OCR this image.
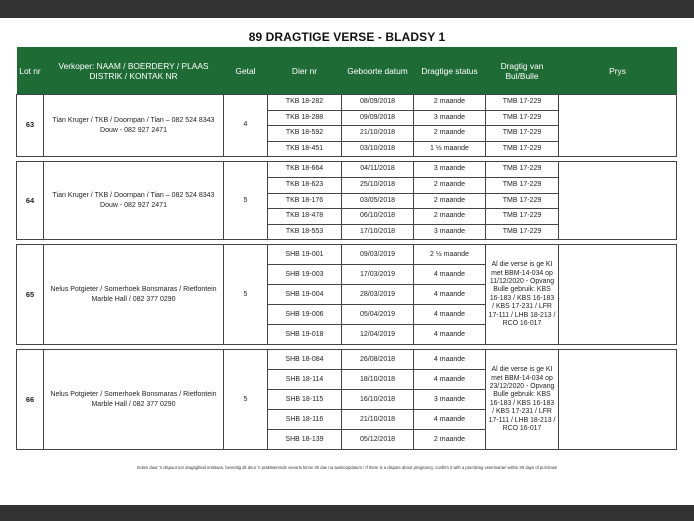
89 DRAGTIGE VERSE - BLADSY 1
Lot nr	Verkoper: NAAM / BOERDERY / PLAAS DISTRIK / KONTAK NR	Getal	Dier nr	Geboorte datum	Dragtige status	Dragtig van Bul/Bulle	Prys
63	Tian Kruger / TKB / Doornpan / Tian – 082 524 8343 Douw - 082 927 2471	4	TKB 18-282	08/09/2018	2 maande	TMB 17-229	
			TKB 18-288	09/09/2018	3 maande	TMB 17-229	
			TKB 18-592	21/10/2018	2 maande	TMB 17-229	
			TKB 18-451	03/10/2018	1 ½ maande	TMB 17-229	

64	Tian Kruger / TKB / Doornpan / Tian – 082 524 8343 Douw - 082 927 2471	5	TKB 18-664	04/11/2018	3 maande	TMB 17-229	
			TKB 18-623	25/10/2018	2 maande	TMB 17-229	
			TKB 18-176	03/05/2018	2 maande	TMB 17-229	
			TKB 18-478	06/10/2018	2 maande	TMB 17-229	
			TKB 18-553	17/10/2018	3 maande	TMB 17-229	

65	Nelus Potgieter / Somerhoek Bonsmaras / Rietfontein Marble Hall / 082 377 0290	5	SHB 19-001	09/03/2019	2 ½ maande	Al die verse is ge KI met BBM-14-034 op 11/12/2020 - Opvang Bulle gebruik: KBS 16-183 / KBS 16-183 / KBS 17-231 / LFR 17-111 / LHB 18-213 / RCO 16-017	
			SHB 19-003	17/03/2019	4 maande		
			SHB 19-004	28/03/2019	4 maande		
			SHB 19-006	05/04/2019	4 maande		
			SHB 19-018	12/04/2019	4 maande		

66	Nelus Potgieter / Somerhoek Bonsmaras / Rietfontein Marble Hall / 082 377 0290	5	SHB 18-084	26/08/2018	4 maande	Al die verse is ge KI met BBM-14-034 op 23/12/2020 - Opvang Bulle gebruik: KBS 16-183 / KBS 16-183 / KBS 17-231 / LFR 17-111 / LHB 18-213 / RCO 16-017	
			SHB 18-114	18/10/2018	4 maande		
			SHB 18-115	16/10/2018	3 maande		
			SHB 18-116	21/10/2018	4 maande		
			SHB 18-139	05/12/2018	2 maande		
Indien daar 'n dispuut oor dragtigheid ontstaan, bevestig dit deur 'n praktiserende veearts binne 30 dae na aankoopdatum / If there is a dispute about pregnancy, confirm it with a practising veterinarian within 30 days of purchase
